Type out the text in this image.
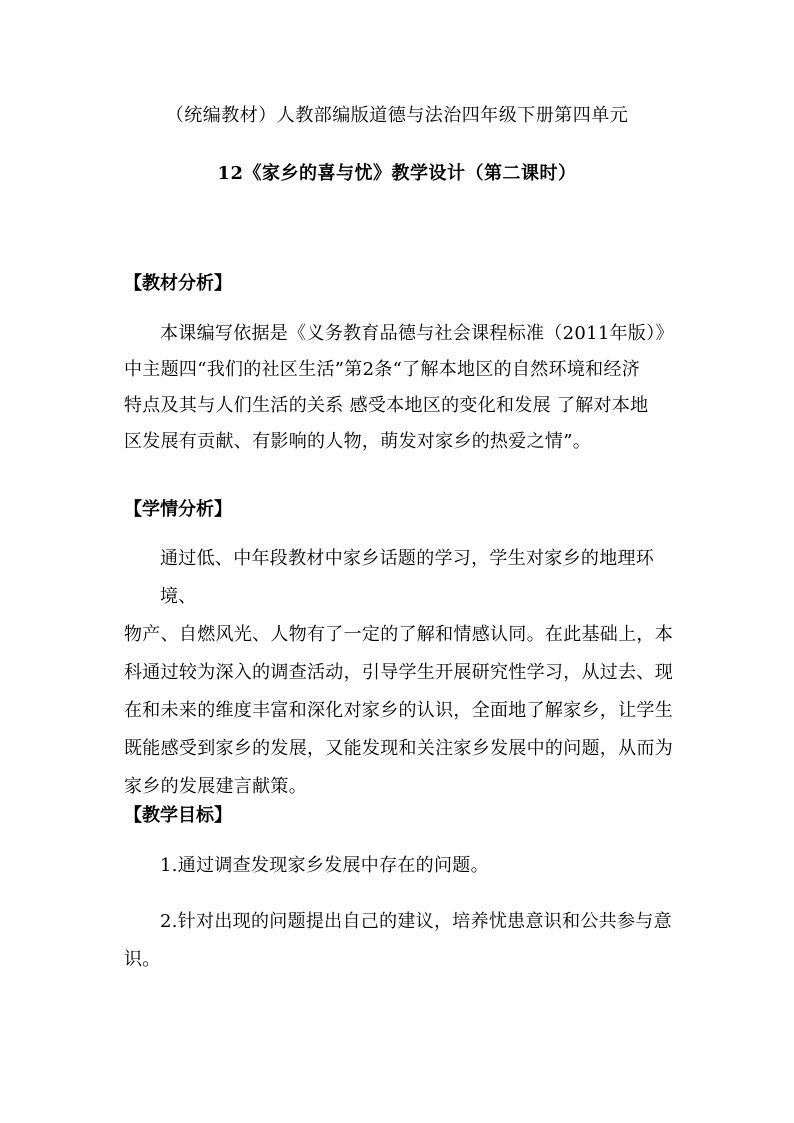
（统编教材）人教部编版道德与法治四年级下册第四单元
12《家乡的喜与忧》教学设计（第二课时）

【教材分析】

本课编写依据是《义务教育品德与社会课程标准（2011年版）》
中主题四“我们的社区生活”第2条“了解本地区的自然环境和经济
特点及其与人们生活的关系 感受本地区的变化和发展 了解对本地
区发展有贡献、有影响的人物，萌发对家乡的热爱之情”。

【学情分析】

通过低、中年段教材中家乡话题的学习，学生对家乡的地理环境、
物产、自燃风光、人物有了一定的了解和情感认同。在此基础上，本
科通过较为深入的调查活动，引导学生开展研究性学习，从过去、现
在和未来的维度丰富和深化对家乡的认识，全面地了解家乡，让学生
既能感受到家乡的发展，又能发现和关注家乡发展中的问题，从而为
家乡的发展建言献策。

【教学目标】

1.通过调查发现家乡发展中存在的问题。
2.针对出现的问题提出自己的建议，培养忧患意识和公共参与意
识。
